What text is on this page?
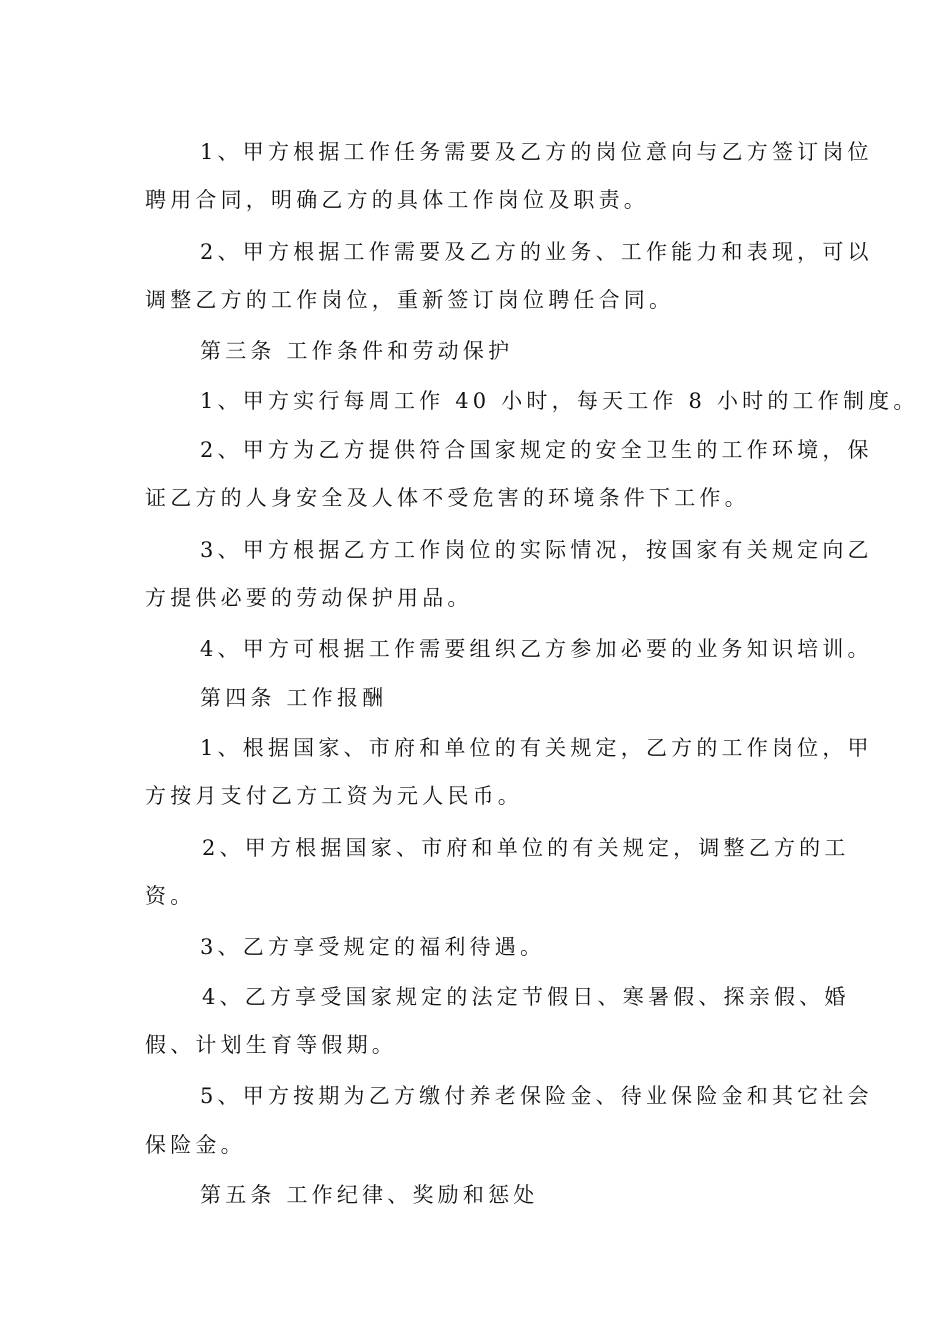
1、甲方根据工作任务需要及乙方的岗位意向与乙方签订岗位

聘用合同，明确乙方的具体工作岗位及职责。

2、甲方根据工作需要及乙方的业务、工作能力和表现，可以

调整乙方的工作岗位，重新签订岗位聘任合同。

第三条 工作条件和劳动保护

1、甲方实行每周工作 40 小时，每天工作 8 小时的工作制度。

2、甲方为乙方提供符合国家规定的安全卫生的工作环境，保

证乙方的人身安全及人体不受危害的环境条件下工作。

3、甲方根据乙方工作岗位的实际情况，按国家有关规定向乙

方提供必要的劳动保护用品。

4、甲方可根据工作需要组织乙方参加必要的业务知识培训。

第四条 工作报酬

1、根据国家、市府和单位的有关规定，乙方的工作岗位，甲

方按月支付乙方工资为元人民币。

2、甲方根据国家、市府和单位的有关规定，调整乙方的工

资。

3、乙方享受规定的福利待遇。

4、乙方享受国家规定的法定节假日、寒暑假、探亲假、婚

假、计划生育等假期。

5、甲方按期为乙方缴付养老保险金、待业保险金和其它社会

保险金。

第五条 工作纪律、奖励和惩处
